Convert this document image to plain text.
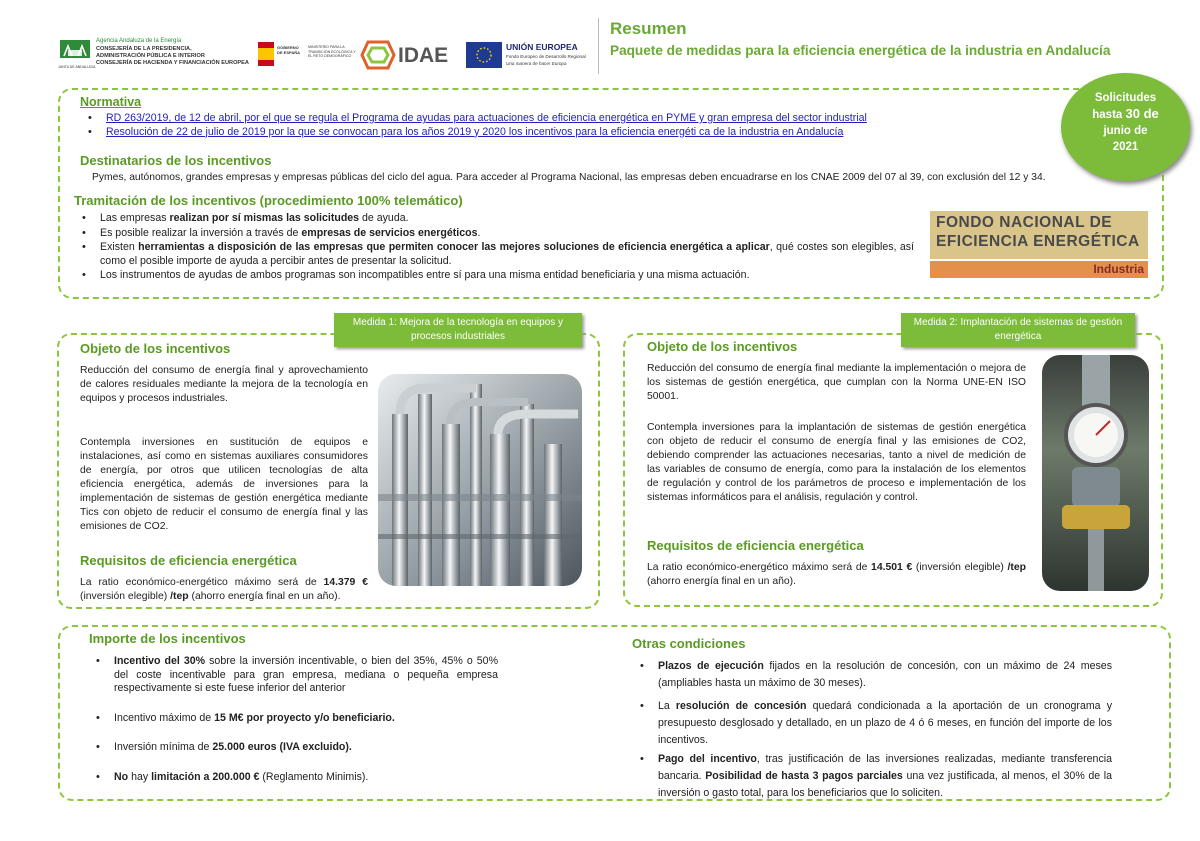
JUNTA DE ANDALUCIA
Agencia Andaluza de la Energía
CONSEJERÍA DE LA PRESIDENCIA,
ADMINISTRACIÓN PÚBLICA E INTERIOR
CONSEJERÍA DE HACIENDA Y FINANCIACIÓN EUROPEA
GOBIERNO DE ESPAÑA
MINISTERIO PARA LA TRANSICIÓN ECOLÓGICA Y EL RETO DEMOGRÁFICO	IDAE	UNIÓN EUROPEA
Fondo Europeo de Desarrollo Regional
Una manera de hacer Europa
Resumen
Paquete de medidas para la eficiencia energética de la industria en Andalucía
Normativa
• RD 263/2019, de 12 de abril, por el que se regula el Programa de ayudas para actuaciones de eficiencia energética en PYME y gran empresa del sector industrial
• Resolución de 22 de julio de 2019 por la que se convocan para los años 2019 y 2020 los incentivos para la eficiencia energéti ca de la industria en Andalucía
Destinatarios de los incentivos
Pymes, autónomos, grandes empresas y empresas públicas del ciclo del agua. Para acceder al Programa Nacional, las empresas deben encuadrarse en los CNAE 2009 del 07 al 39, con exclusión del 12 y 34.
Tramitación de los incentivos (procedimiento 100% telemático)
• Las empresas realizan por sí mismas las solicitudes de ayuda.
• Es posible realizar la inversión a través de empresas de servicios energéticos.
• Existen herramientas a disposición de las empresas que permiten conocer las mejores soluciones de eficiencia energética a aplicar, qué costes son elegibles, así como el posible importe de ayuda a percibir antes de presentar la solicitud.
• Los instrumentos de ayudas de ambos programas son incompatibles entre sí para una misma entidad beneficiaria y una misma actuación.
FONDO NACIONAL DE
EFICIENCIA ENERGÉTICA
Industria
Solicitudes
hasta 30 de
junio de
2021
Medida 1: Mejora de la tecnología en equipos y procesos industriales
Objeto de los incentivos
Reducción del consumo de energía final y aprovechamiento de calores residuales mediante la mejora de la tecnología en equipos y procesos industriales.
Contempla inversiones en sustitución de equipos e instalaciones, así como en sistemas auxiliares consumidores de energía, por otros que utilicen tecnologías de alta eficiencia energética, además de inversiones para la implementación de sistemas de gestión energética mediante Tics con objeto de reducir el consumo de energía final y las emisiones de CO2.
Requisitos de eficiencia energética
La ratio económico-energético máximo será de 14.379 € (inversión elegible) /tep (ahorro energía final en un año).
Medida 2: Implantación de sistemas de gestión energética
Objeto de los incentivos
Reducción del consumo de energía final mediante la implementación o mejora de los sistemas de gestión energética, que cumplan con la Norma UNE-EN ISO 50001.
Contempla inversiones para la implantación de sistemas de gestión energética con objeto de reducir el consumo de energía final y las emisiones de CO2, debiendo comprender las actuaciones necesarias, tanto a nivel de medición de las variables de consumo de energía, como para la instalación de los elementos de regulación y control de los parámetros de proceso e implementación de los sistemas informáticos para el análisis, regulación y control.
Requisitos de eficiencia energética
La ratio económico-energético máximo será de 14.501 € (inversión elegible) /tep (ahorro energía final en un año).
Importe de los incentivos
• Incentivo del 30% sobre la inversión incentivable, o bien del 35%, 45% o 50% del coste incentivable para gran empresa, mediana o pequeña empresa respectivamente si este fuese inferior del anterior
• Incentivo máximo de 15 M€ por proyecto y/o beneficiario.
• Inversión mínima de 25.000 euros (IVA excluido).
• No hay limitación a 200.000 € (Reglamento Minimis).
Otras condiciones
• Plazos de ejecución fijados en la resolución de concesión, con un máximo de 24 meses (ampliables hasta un máximo de 30 meses).
• La resolución de concesión quedará condicionada a la aportación de un cronograma y presupuesto desglosado y detallado, en un plazo de 4 ó 6 meses, en función del importe de los incentivos.
• Pago del incentivo, tras justificación de las inversiones realizadas, mediante transferencia bancaria. Posibilidad de hasta 3 pagos parciales una vez justificada, al menos, el 30% de la inversión o gasto total, para los beneficiarios que lo soliciten.
